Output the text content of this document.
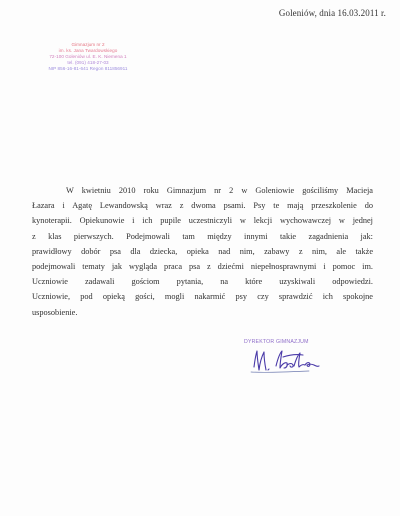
Goleniów, dnia 16.03.2011 r.
Gimnazjum nr 2
im. ks. Jana Twardowskiego
72-100 Goleniów ul. E. K. Niemena 1
tel. (091) 418-27-03
NIP 856-16-81-641 Regon 811856911
W kwietniu 2010 roku Gimnazjum nr 2 w Goleniowie gościliśmy Macieja
Łazara i Agatę Lewandowską wraz z dwoma psami. Psy te mają przeszkolenie do
kynoterapii. Opiekunowie i ich pupile uczestniczyli w lekcji wychowawczej w jednej
z klas pierwszych. Podejmowali tam między innymi takie zagadnienia jak:
prawidłowy dobór psa dla dziecka, opieka nad nim, zabawy z nim, ale także
podejmowali tematy jak wygląda praca psa z dziećmi niepełnosprawnymi i pomoc im.
Uczniowie zadawali gościom pytania, na które uzyskiwali odpowiedzi.
Uczniowie, pod opieką gości, mogli nakarmić psy czy sprawdzić ich spokojne
usposobienie.
DYREKTOR GIMNAZJUM
